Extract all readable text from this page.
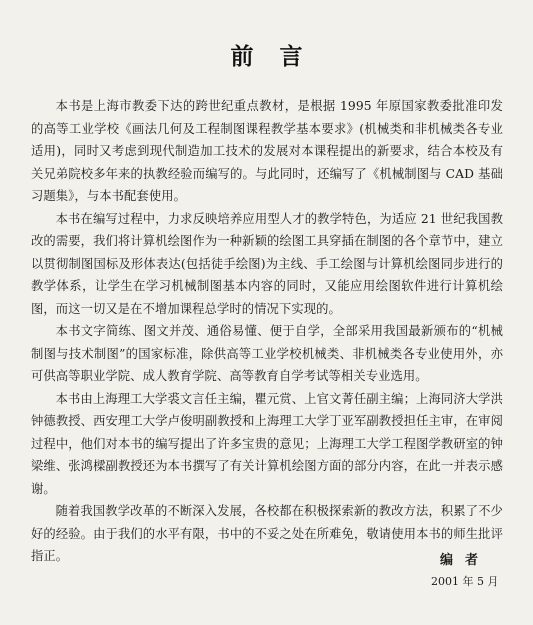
前言

本书是上海市教委下达的跨世纪重点教材，是根据 1995 年原国家教委批准印发的高等工业学校《画法几何及工程制图课程教学基本要求》(机械类和非机械类各专业适用)，同时又考虑到现代制造加工技术的发展对本课程提出的新要求，结合本校及有关兄弟院校多年来的执教经验而编写的。与此同时，还编写了《机械制图与 CAD 基础习题集》，与本书配套使用。

本书在编写过程中，力求反映培养应用型人才的教学特色，为适应 21 世纪我国教改的需要，我们将计算机绘图作为一种新颖的绘图工具穿插在制图的各个章节中，建立以贯彻制图国标及形体表达(包括徒手绘图)为主线、手工绘图与计算机绘图同步进行的教学体系，让学生在学习机械制图基本内容的同时，又能应用绘图软件进行计算机绘图，而这一切又是在不增加课程总学时的情况下实现的。

本书文字简练、图文并茂、通俗易懂、便于自学，全部采用我国最新颁布的“机械制图与技术制图”的国家标准，除供高等工业学校机械类、非机械类各专业使用外，亦可供高等职业学院、成人教育学院、高等教育自学考试等相关专业选用。

本书由上海理工大学裘文言任主编，瞿元赏、上官文菁任副主编；上海同济大学洪钟德教授、西安理工大学卢俊明副教授和上海理工大学丁亚军副教授担任主审，在审阅过程中，他们对本书的编写提出了许多宝贵的意见；上海理工大学工程图学教研室的钟梁维、张鸿樑副教授还为本书撰写了有关计算机绘图方面的部分内容，在此一并表示感谢。

随着我国教学改革的不断深入发展，各校都在积极探索新的教改方法，积累了不少好的经验。由于我们的水平有限，书中的不妥之处在所难免，敬请使用本书的师生批评指正。	编者
2001 年 5 月
